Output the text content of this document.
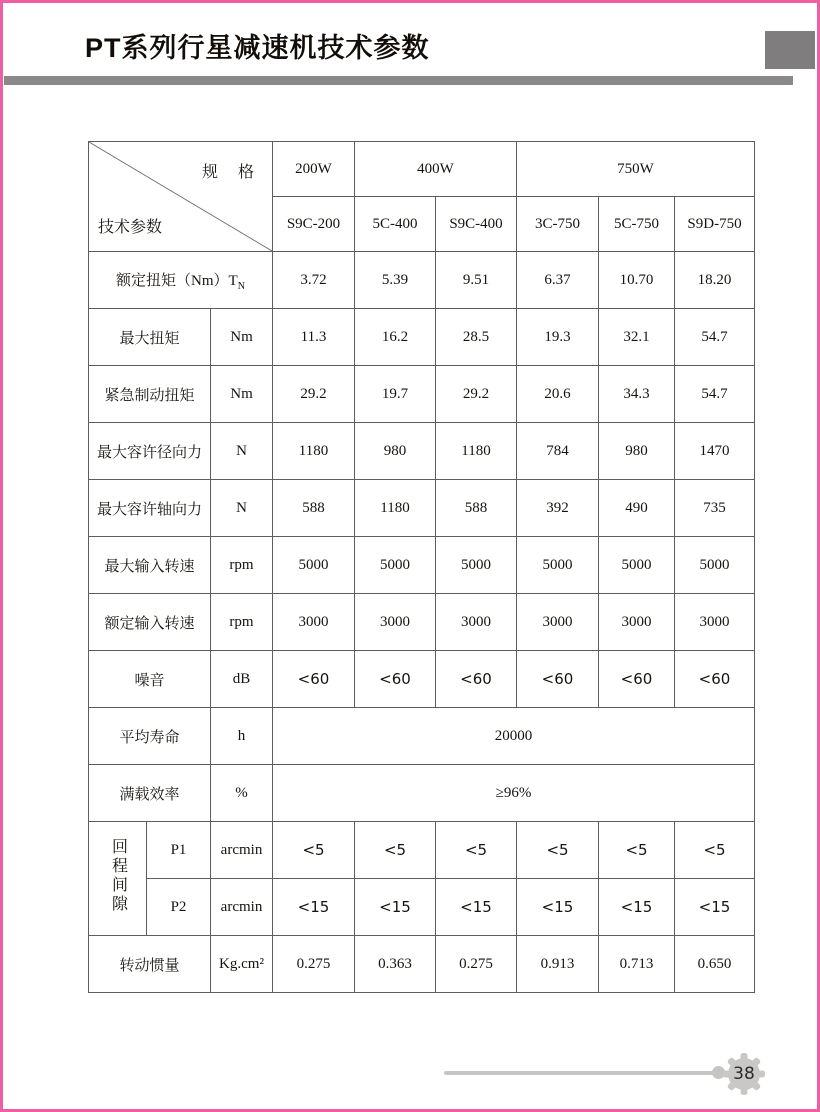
PT系列行星减速机技术参数
规　格
技术参数			200W	400W		750W		
			S9C-200	5C-400	S9C-400	3C-750	5C-750	S9D-750
额定扭矩$(Nm)T_N$			3.72	5.39	9.51	6.37	10.70	18.20
最大扭矩		Nm	11.3	16.2	28.5	19.3	32.1	54.7
紧急制动扭矩		Nm	29.2	19.7	29.2	20.6	34.3	54.7
最大容许径向力		N	1180	980	1180	784	980	1470
最大容许轴向力		N	588	1180	588	392	490	735
最大输入转速		rpm	5000	5000	5000	5000	5000	5000
额定输入转速		rpm	3000	3000	3000	3000	3000	3000
噪音		dB	<60	<60	<60	<60	<60	<60
平均寿命		h	20000					
满载效率		%	≥96%					
回程间隙	P1	arcmin	<5	<5	<5	<5	<5	<5
	P2	arcmin	<15	<15	<15	<15	<15	<15
转动惯量		Kg.cm²	0.275	0.363	0.275	0.913	0.713	0.650
38
